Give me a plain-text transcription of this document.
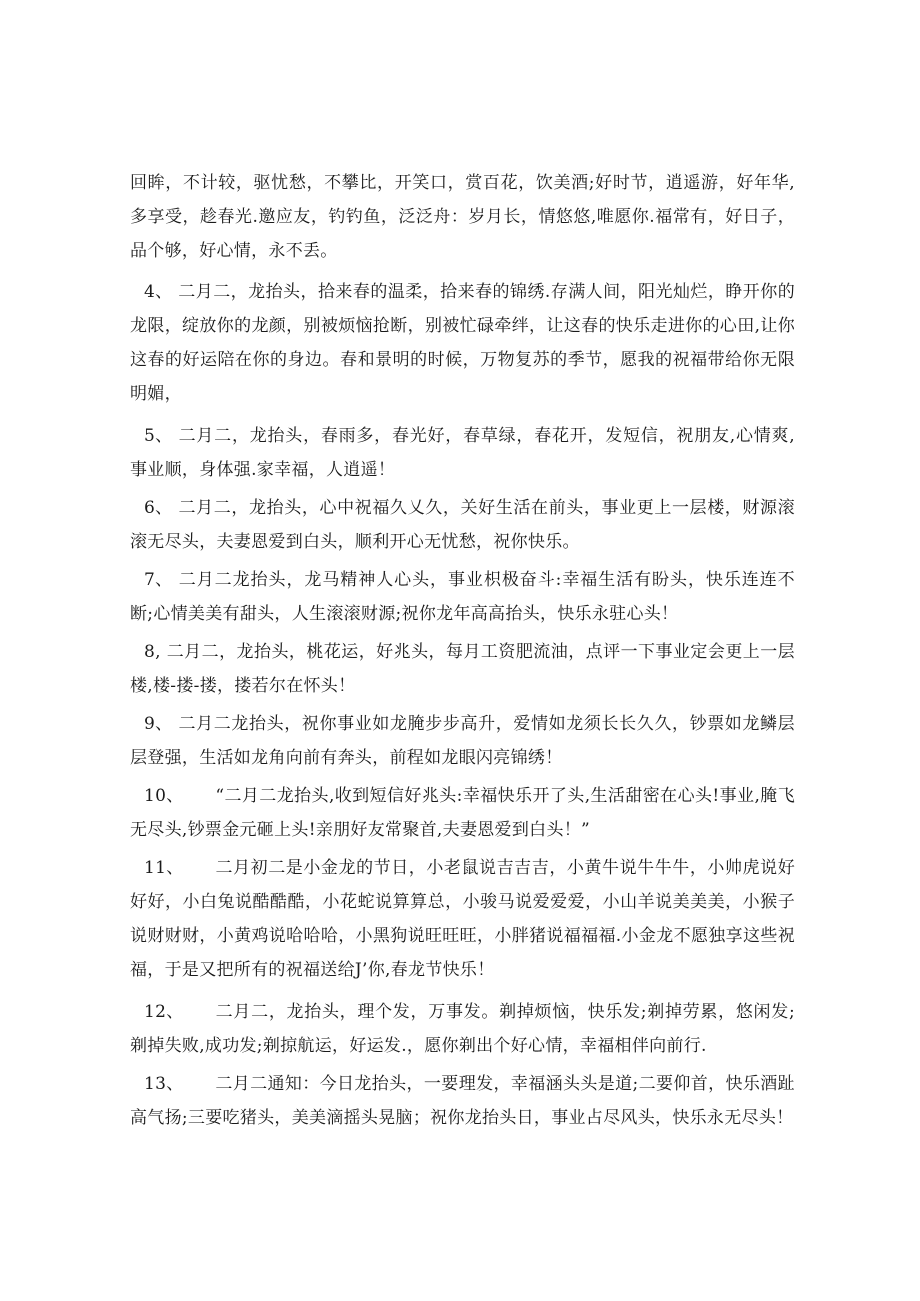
回眸，不计较，驱忧愁，不攀比，开笑口，赏百花，饮美酒;好时节，逍遥游，好年华,多享受，趁春光.邀应友，钓钓鱼，泛泛舟：岁月长，情悠悠,唯愿你.福常有，好日子，品个够，好心情，永不丢。

4、 二月二，龙抬头，拾来春的温柔，拾来春的锦绣.存满人间，阳光灿烂，睁开你的龙限，绽放你的龙颜，别被烦恼抢断，别被忙碌牵绊，让这春的快乐走进你的心田,让你这春的好运陪在你的身边。春和景明的时候，万物复苏的季节，愿我的祝福带给你无限明媚，

5、 二月二，龙抬头，春雨多，春光好，春草绿，春花开，发短信，祝朋友,心情爽,事业顺，身体强.家幸福，人逍遥！

6、 二月二，龙抬头，心中祝福久乂久，关好生活在前头，事业更上一层楼，财源滚滚无尽头，夫妻恩爱到白头，顺利开心无忧愁，祝你快乐。

7、 二月二龙抬头，龙马精神人心头，事业枳极奋斗:幸福生活有盼头，快乐连连不断;心情美美有甜头，人生滚滚财源;祝你龙年高高抬头，快乐永驻心头！

8, 二月二，龙抬头，桃花运，好兆头，每月工资肥流油，点评一下事业定会更上一层楼,楼-搂-搂，搂若尔在怀头！

9、 二月二龙抬头，祝你事业如龙腌步步高升，爱情如龙须长长久久，钞票如龙鳞层层登强，生活如龙角向前有奔头，前程如龙眼闪亮锦绣！

10、 “二月二龙抬头,收到短信好兆头:幸福快乐开了头,生活甜密在心头!事业,腌飞无尽头,钞票金元砸上头!亲朋好友常聚首,夫妻恩爱到白头！”

11、 二月初二是小金龙的节日，小老鼠说吉吉吉，小黄牛说牛牛牛，小帅虎说好好好，小白兔说酷酷酷，小花蛇说算算总，小骏马说爱爱爱，小山羊说美美美，小猴子说财财财，小黄鸡说哈哈哈，小黑狗说旺旺旺，小胖猪说福福福.小金龙不愿独享这些祝福，于是又把所有的祝福送给J’你,春龙节快乐！

12、 二月二，龙抬头，理个发，万事发。剃掉烦恼，快乐发;剃掉劳累，悠闲发;剃掉失败,成功发;剃掠航运，好运发.，愿你剃出个好心情，幸福相伴向前行.

13、 二月二通知：今日龙抬头，一要理发，幸福涵头头是道;二要仰首，快乐酒趾高气扬;三要吃猪头，美美滴摇头晃脑；祝你龙抬头日，事业占尽风头，快乐永无尽头！
